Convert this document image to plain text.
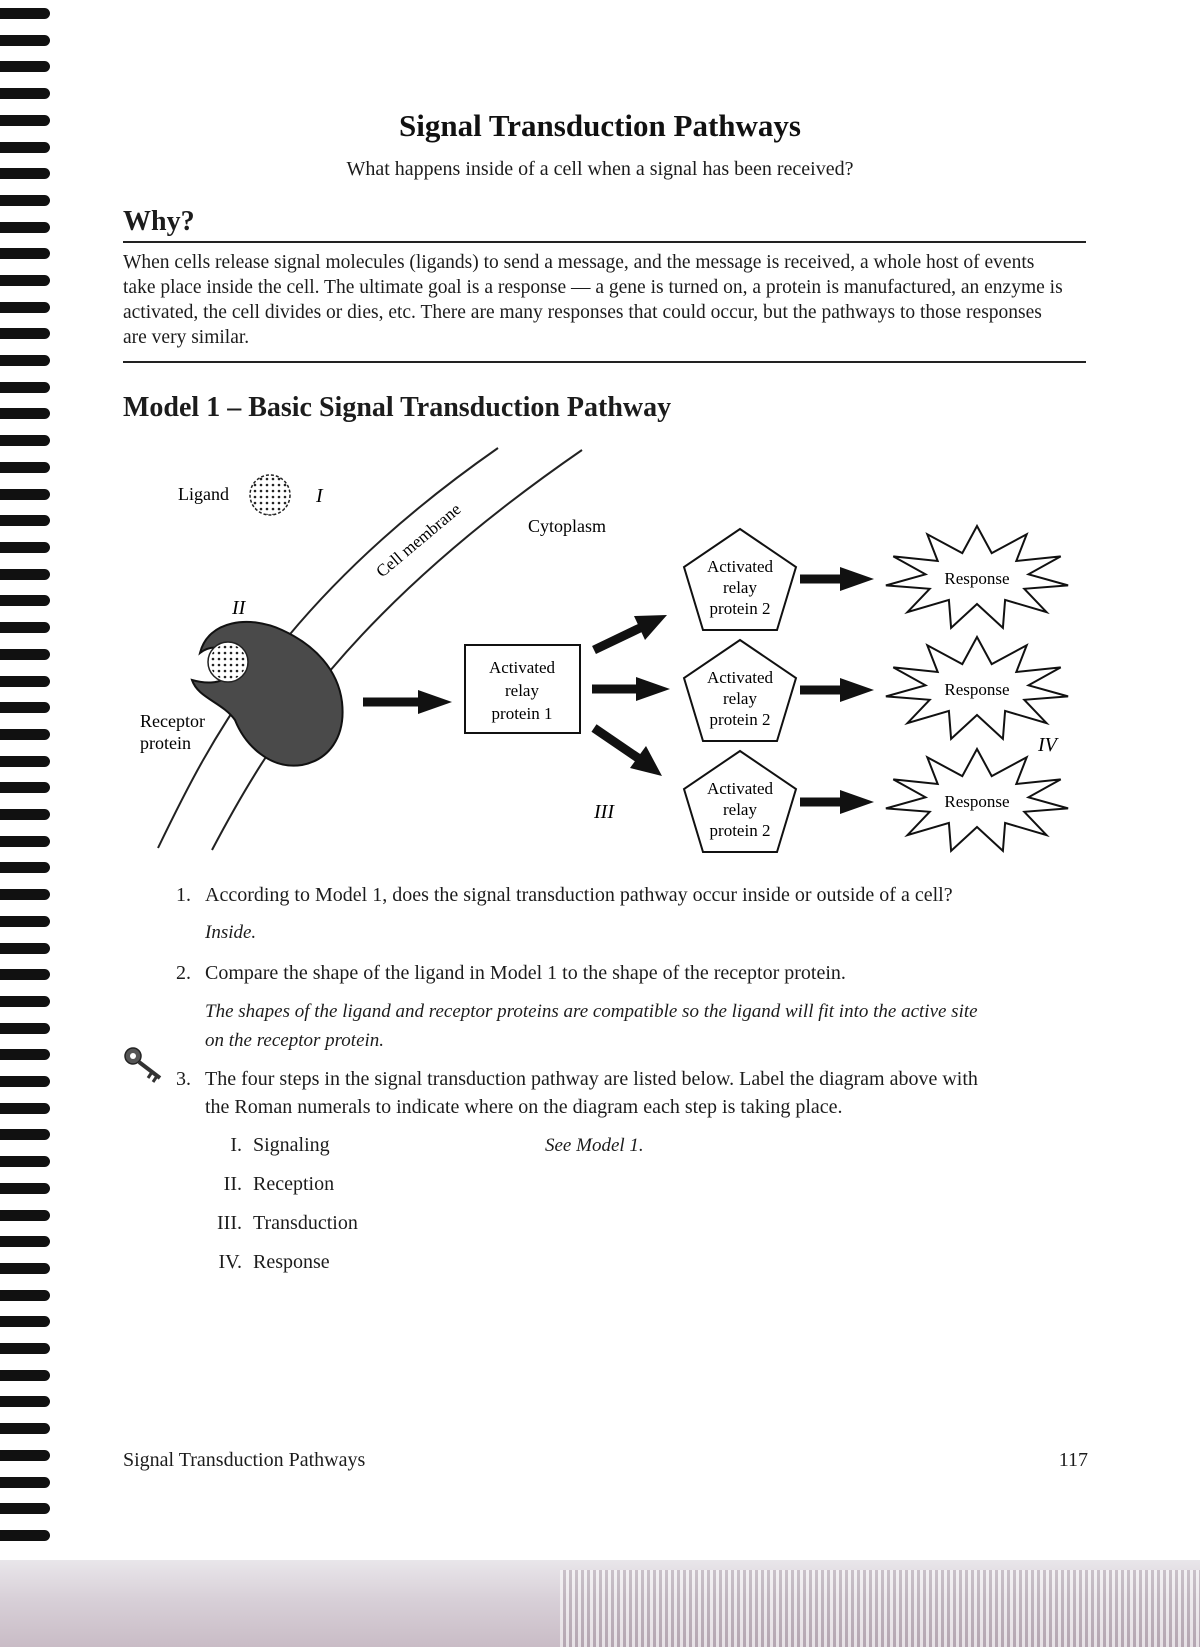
Signal Transduction Pathways
What happens inside of a cell when a signal has been received?
Why?
When cells release signal molecules (ligands) to send a message, and the message is received, a whole host of events take place inside the cell. The ultimate goal is a response — a gene is turned on, a protein is manufactured, an enzyme is activated, the cell divides or dies, etc. There are many responses that could occur, but the pathways to those responses are very similar.
Model 1 – Basic Signal Transduction Pathway
Cell membrane	Cytoplasm
Ligand	I
II
Receptor
protein
Activated
relay
protein 1
III
Activated
relay
protein 2
Activated
relay
protein 2
Activated
relay
protein 2
Response
Response
Response
IV
1. According to Model 1, does the signal transduction pathway occur inside or outside of a cell?
Inside.
2. Compare the shape of the ligand in Model 1 to the shape of the receptor protein.
The shapes of the ligand and receptor proteins are compatible so the ligand will fit into the active site
on the receptor protein.
3. The four steps in the signal transduction pathway are listed below. Label the diagram above with
the Roman numerals to indicate where on the diagram each step is taking place.
I. Signaling	See Model 1.
II. Reception
III. Transduction
IV. Response
Signal Transduction Pathways	117
